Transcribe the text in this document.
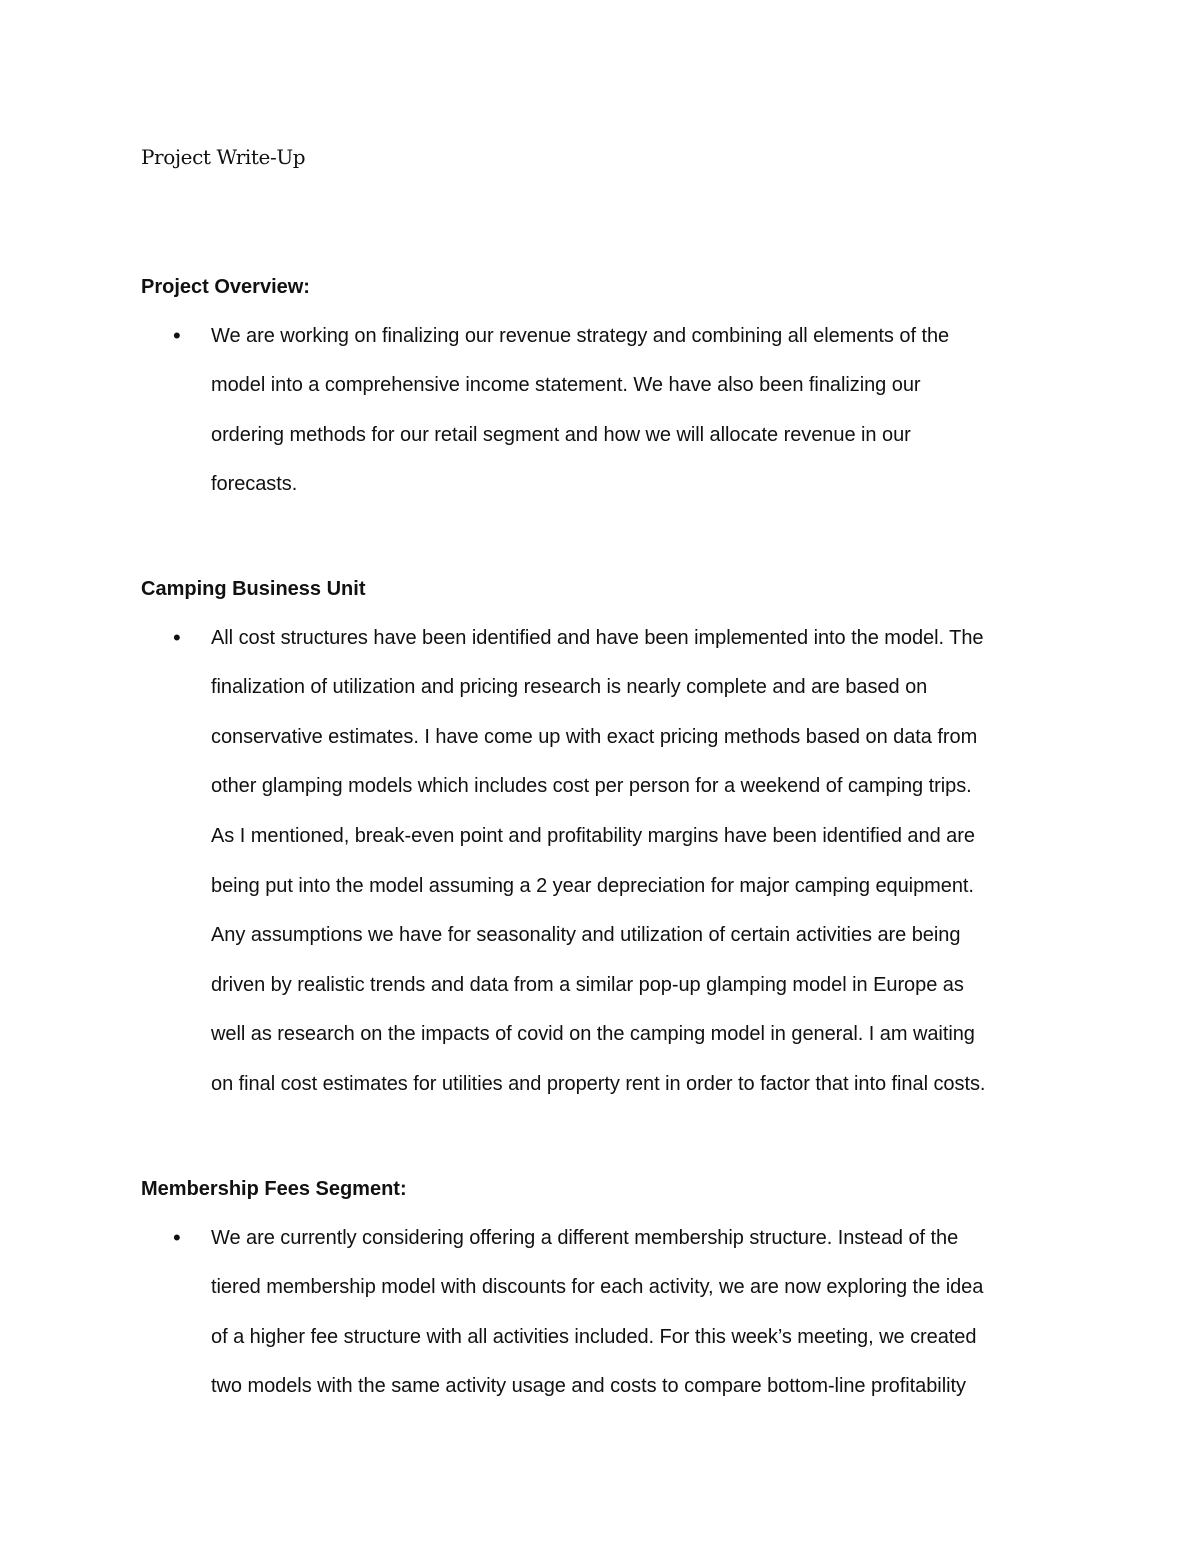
Project Write-Up
Project Overview:
•	We are working on finalizing our revenue strategy and combining all elements of the

model into a comprehensive income statement. We have also been finalizing our

ordering methods for our retail segment and how we will allocate revenue in our

forecasts.

Camping Business Unit
•	All cost structures have been identified and have been implemented into the model. The

finalization of utilization and pricing research is nearly complete and are based on

conservative estimates. I have come up with exact pricing methods based on data from

other glamping models which includes cost per person for a weekend of camping trips.

As I mentioned, break-even point and profitability margins have been identified and are

being put into the model assuming a 2 year depreciation for major camping equipment.

Any assumptions we have for seasonality and utilization of certain activities are being

driven by realistic trends and data from a similar pop-up glamping model in Europe as

well as research on the impacts of covid on the camping model in general. I am waiting

on final cost estimates for utilities and property rent in order to factor that into final costs.

Membership Fees Segment:
•	We are currently considering offering a different membership structure. Instead of the

tiered membership model with discounts for each activity, we are now exploring the idea

of a higher fee structure with all activities included. For this week’s meeting, we created

two models with the same activity usage and costs to compare bottom-line profitability
